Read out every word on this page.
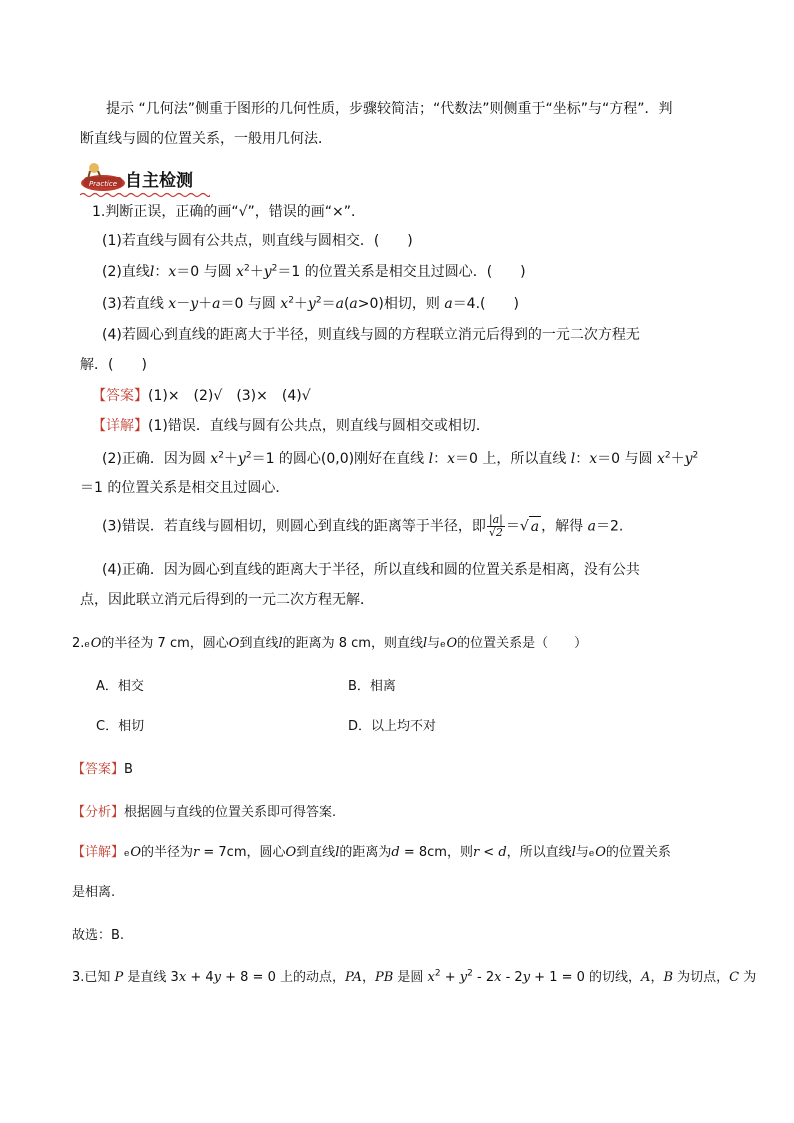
提示 “几何法”侧重于图形的几何性质，步骤较简洁；“代数法”则侧重于“坐标”与“方程”．判
断直线与圆的位置关系，一般用几何法．
Practice 自主检测
1.判断正误，正确的画“√”，错误的画“×”．
(1)若直线与圆有公共点，则直线与圆相交．(　　)
(2)直线l：x＝0 与圆 $x^2+y^2=1$ 的位置关系是相交且过圆心．(　　)
(3)若直线 x－y＋a＝0 与圆 $x^2+y^2=a(a>0)$相切，则 a＝4.(　　)
(4)若圆心到直线的距离大于半径，则直线与圆的方程联立消元后得到的一元二次方程无
解．(　　)
【答案】(1)×　(2)√　(3)×　(4)√
【详解】(1)错误．直线与圆有公共点，则直线与圆相交或相切．
(2)正确．因为圆 $x^2+y^2=1$ 的圆心(0,0)刚好在直线 l：x＝0 上，所以直线 l：x＝0 与圆 $x^2+y^2$
＝1 的位置关系是相交且过圆心．
(3)错误．若直线与圆相切，则圆心到直线的距离等于半径，即 $\frac{|a|}{√2}$ ＝√ a ，解得 a＝2.
(4)正确．因为圆心到直线的距离大于半径，所以直线和圆的位置关系是相离，没有公共
点，因此联立消元后得到的一元二次方程无解．
2.eO的半径为 7 cm，圆心O到直线l的距离为 8 cm，则直线l与eO的位置关系是（　　）
A．相交	B．相离
C．相切	D．以上均不对
【答案】B
【分析】根据圆与直线的位置关系即可得答案.
【详解】eO的半径为r = 7cm，圆心O到直线l的距离为d = 8cm，则r < d，所以直线l与eO的位置关系
是相离.
故选：B.
3.已知 P 是直线 3x + 4y + 8 = 0 上的动点，PA，PB 是圆 $x^2 + y^2 - 2x - 2y + 1 = 0$ 的切线，A，B 为切点，C 为
